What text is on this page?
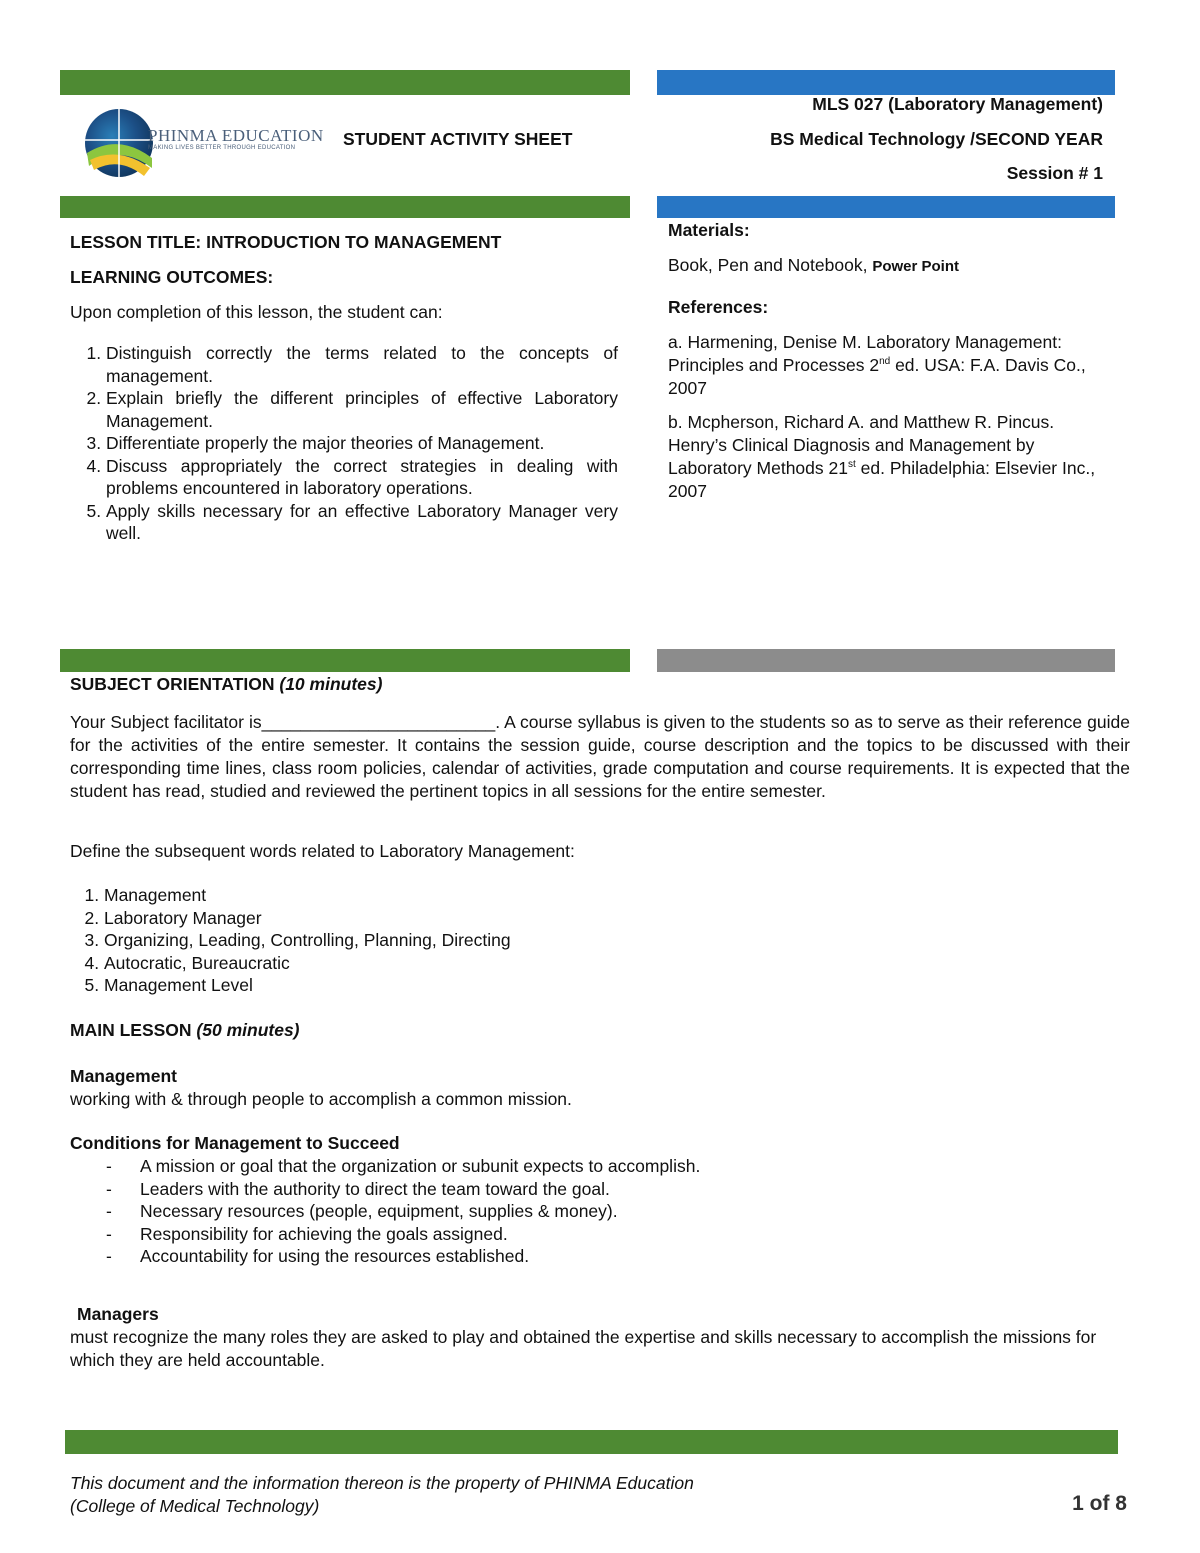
PHINMA EDUCATION
MAKING LIVES BETTER THROUGH EDUCATION	STUDENT ACTIVITY SHEET
MLS 027 (Laboratory Management)
BS Medical Technology /SECOND YEAR
Session # 1
LESSON TITLE: INTRODUCTION TO MANAGEMENT
LEARNING OUTCOMES:
Upon completion of this lesson, the student can:
1. Distinguish correctly the terms related to the concepts of management.
2. Explain briefly the different principles of effective Laboratory Management.
3. Differentiate properly the major theories of Management.
4. Discuss appropriately the correct strategies in dealing with problems encountered in laboratory operations.
5. Apply skills necessary for an effective Laboratory Manager very well.
Materials:
Book, Pen and Notebook, Power Point
References:
a. Harmening, Denise M. Laboratory Management: Principles and Processes 2nd ed. USA: F.A. Davis Co., 2007
b. Mcpherson, Richard A. and Matthew R. Pincus. Henry’s Clinical Diagnosis and Management by Laboratory Methods 21st ed. Philadelphia: Elsevier Inc., 2007
SUBJECT ORIENTATION (10 minutes)
Your Subject facilitator is________________________. A course syllabus is given to the students so as to serve as their reference guide for the activities of the entire semester. It contains the session guide, course description and the topics to be discussed with their corresponding time lines, class room policies, calendar of activities, grade computation and course requirements. It is expected that the student has read, studied and reviewed the pertinent topics in all sessions for the entire semester.
Define the subsequent words related to Laboratory Management:
1. Management
2. Laboratory Manager
3. Organizing, Leading, Controlling, Planning, Directing
4. Autocratic, Bureaucratic
5. Management Level
MAIN LESSON (50 minutes)
Management
working with & through people to accomplish a common mission.
Conditions for Management to Succeed
- A mission or goal that the organization or subunit expects to accomplish.
- Leaders with the authority to direct the team toward the goal.
- Necessary resources (people, equipment, supplies & money).
- Responsibility for achieving the goals assigned.
- Accountability for using the resources established.
Managers
must recognize the many roles they are asked to play and obtained the expertise and skills necessary to accomplish the missions for which they are held accountable.
This document and the information thereon is the property of PHINMA Education (College of Medical Technology)	1 of 8
